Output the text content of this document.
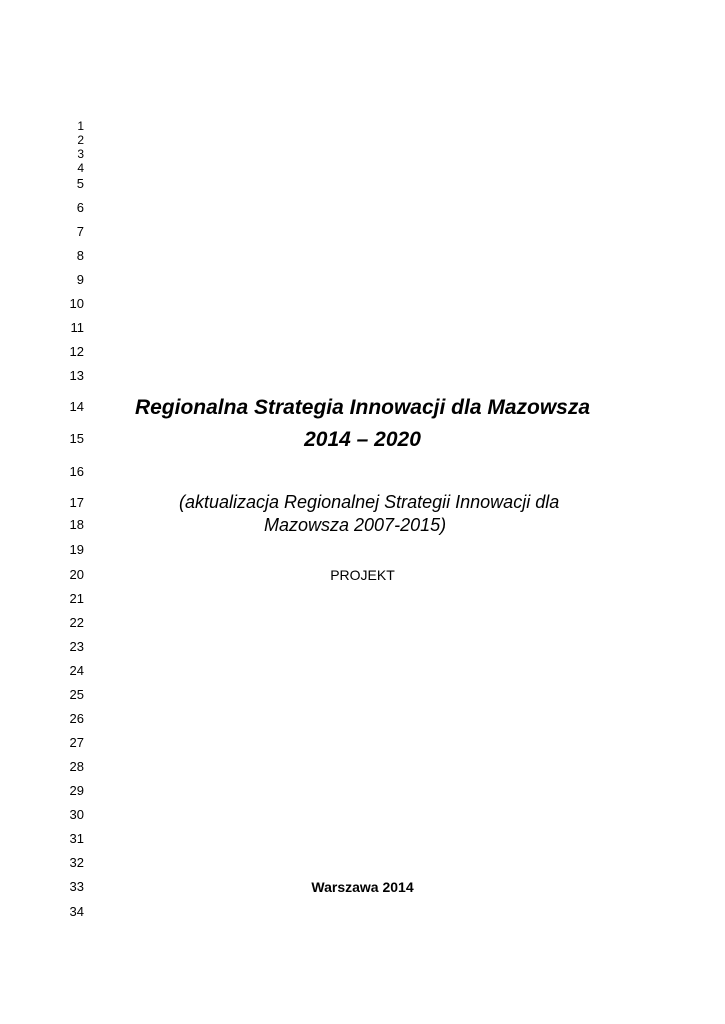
1
2
3
4
5
6
7
8
9
10
11
12
13
14
15
16
17
18
19
20
21
22
23
24
25
26
27
28
29
30
31
32
33
34
Regionalna Strategia Innowacji dla Mazowsza
2014 – 2020
(aktualizacja Regionalnej Strategii Innowacji dla
Mazowsza 2007-2015)
PROJEKT
Warszawa 2014
